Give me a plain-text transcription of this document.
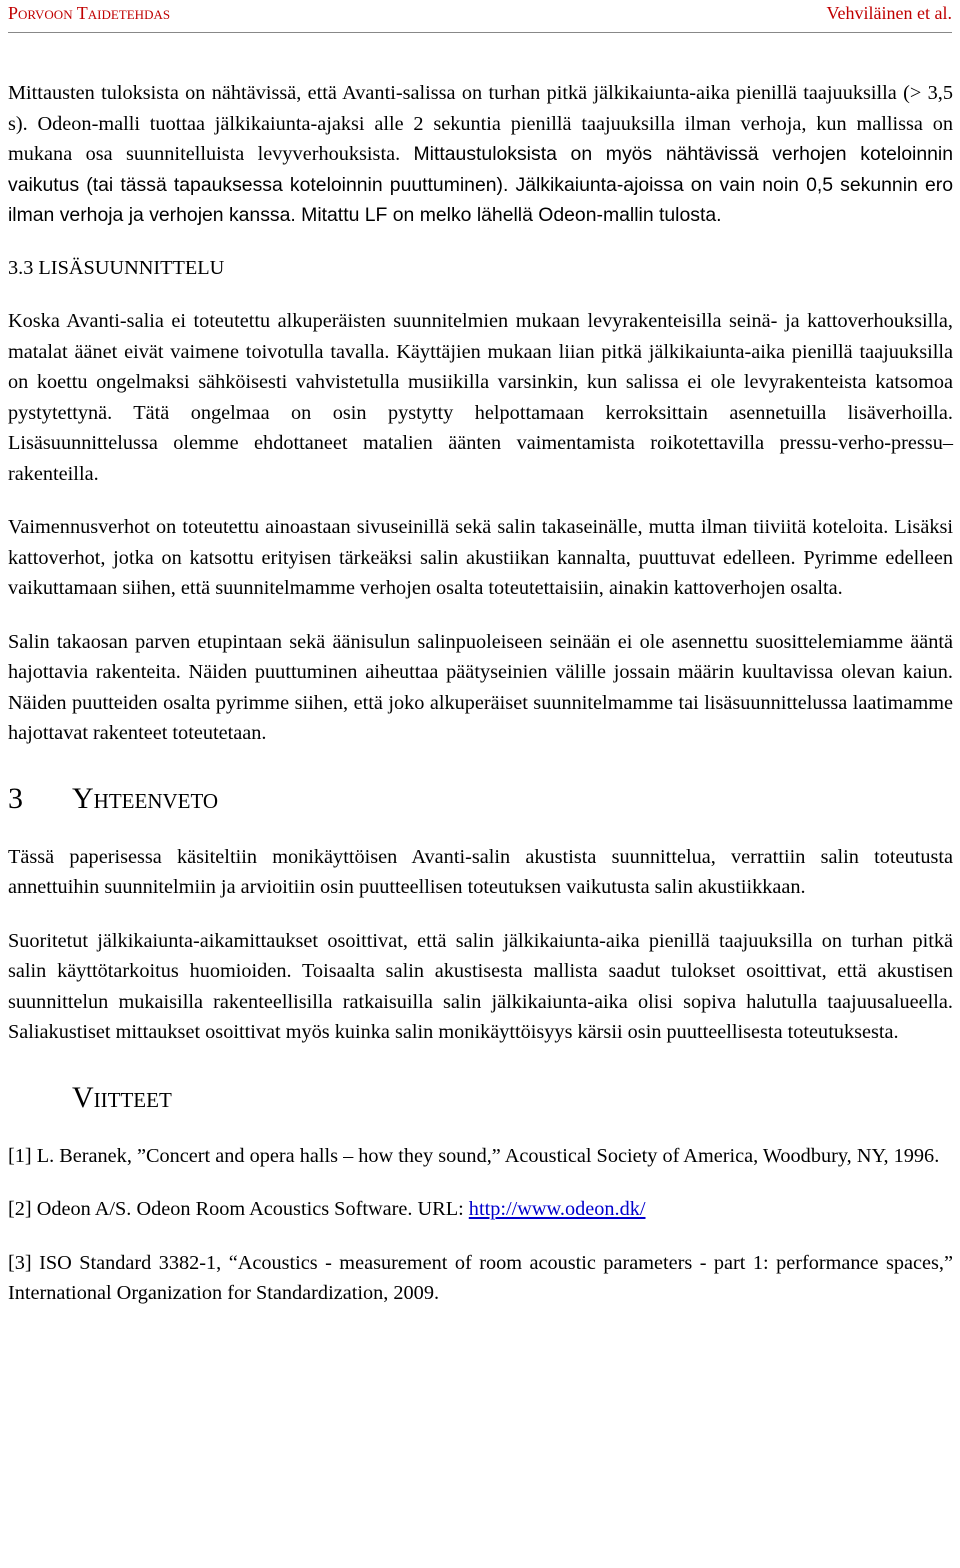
Porvoon Taidetehdas	Vehviläinen et al.

Mittausten tuloksista on nähtävissä, että Avanti-salissa on turhan pitkä jälkikaiunta-aika pienillä taajuuksilla (> 3,5 s). Odeon-malli tuottaa jälkikaiunta-ajaksi alle 2 sekuntia pienillä taajuuksilla ilman verhoja, kun mallissa on mukana osa suunnitelluista levyverhouksista. Mittaustuloksista on myös nähtävissä verhojen koteloinnin vaikutus (tai tässä tapauksessa koteloinnin puuttuminen). Jälkikaiunta-ajoissa on vain noin 0,5 sekunnin ero ilman verhoja ja verhojen kanssa. Mitattu LF on melko lähellä Odeon-mallin tulosta.

3.3 LISÄSUUNNITTELU

Koska Avanti-salia ei toteutettu alkuperäisten suunnitelmien mukaan levyrakenteisilla seinä- ja kattoverhouksilla, matalat äänet eivät vaimene toivotulla tavalla. Käyttäjien mukaan liian pitkä jälkikaiunta-aika pienillä taajuuksilla on koettu ongelmaksi sähköisesti vahvistetulla musiikilla varsinkin, kun salissa ei ole levyrakenteista katsomoa pystytettynä. Tätä ongelmaa on osin pystytty helpottamaan kerroksittain asennetuilla lisäverhoilla. Lisäsuunnittelussa olemme ehdottaneet matalien äänten vaimentamista roikotettavilla pressu-verho-pressu–rakenteilla.

Vaimennusverhot on toteutettu ainoastaan sivuseinillä sekä salin takaseinälle, mutta ilman tiiviitä koteloita. Lisäksi kattoverhot, jotka on katsottu erityisen tärkeäksi salin akustiikan kannalta, puuttuvat edelleen. Pyrimme edelleen vaikuttamaan siihen, että suunnitelmamme verhojen osalta toteutettaisiin, ainakin kattoverhojen osalta.

Salin takaosan parven etupintaan sekä äänisulun salinpuoleiseen seinään ei ole asennettu suosittelemiamme ääntä hajottavia rakenteita. Näiden puuttuminen aiheuttaa päätyseinien välille jossain määrin kuultavissa olevan kaiun. Näiden puutteiden osalta pyrimme siihen, että joko alkuperäiset suunnitelmamme tai lisäsuunnittelussa laatimamme hajottavat rakenteet toteutetaan.

3 Yhteenveto

Tässä paperisessa käsiteltiin monikäyttöisen Avanti-salin akustista suunnittelua, verrattiin salin toteutusta annettuihin suunnitelmiin ja arvioitiin osin puutteellisen toteutuksen vaikutusta salin akustiikkaan.

Suoritetut jälkikaiunta-aikamittaukset osoittivat, että salin jälkikaiunta-aika pienillä taajuuksilla on turhan pitkä salin käyttötarkoitus huomioiden. Toisaalta salin akustisesta mallista saadut tulokset osoittivat, että akustisen suunnittelun mukaisilla rakenteellisilla ratkaisuilla salin jälkikaiunta-aika olisi sopiva halutulla taajuusalueella. Saliakustiset mittaukset osoittivat myös kuinka salin monikäyttöisyys kärsii osin puutteellisesta toteutuksesta.

Viitteet

[1] L. Beranek, ”Concert and opera halls – how they sound,” Acoustical Society of America, Woodbury, NY, 1996.

[2] Odeon A/S. Odeon Room Acoustics Software. URL: http://www.odeon.dk/

[3] ISO Standard 3382-1, “Acoustics - measurement of room acoustic parameters - part 1: performance spaces,” International Organization for Standardization, 2009.
